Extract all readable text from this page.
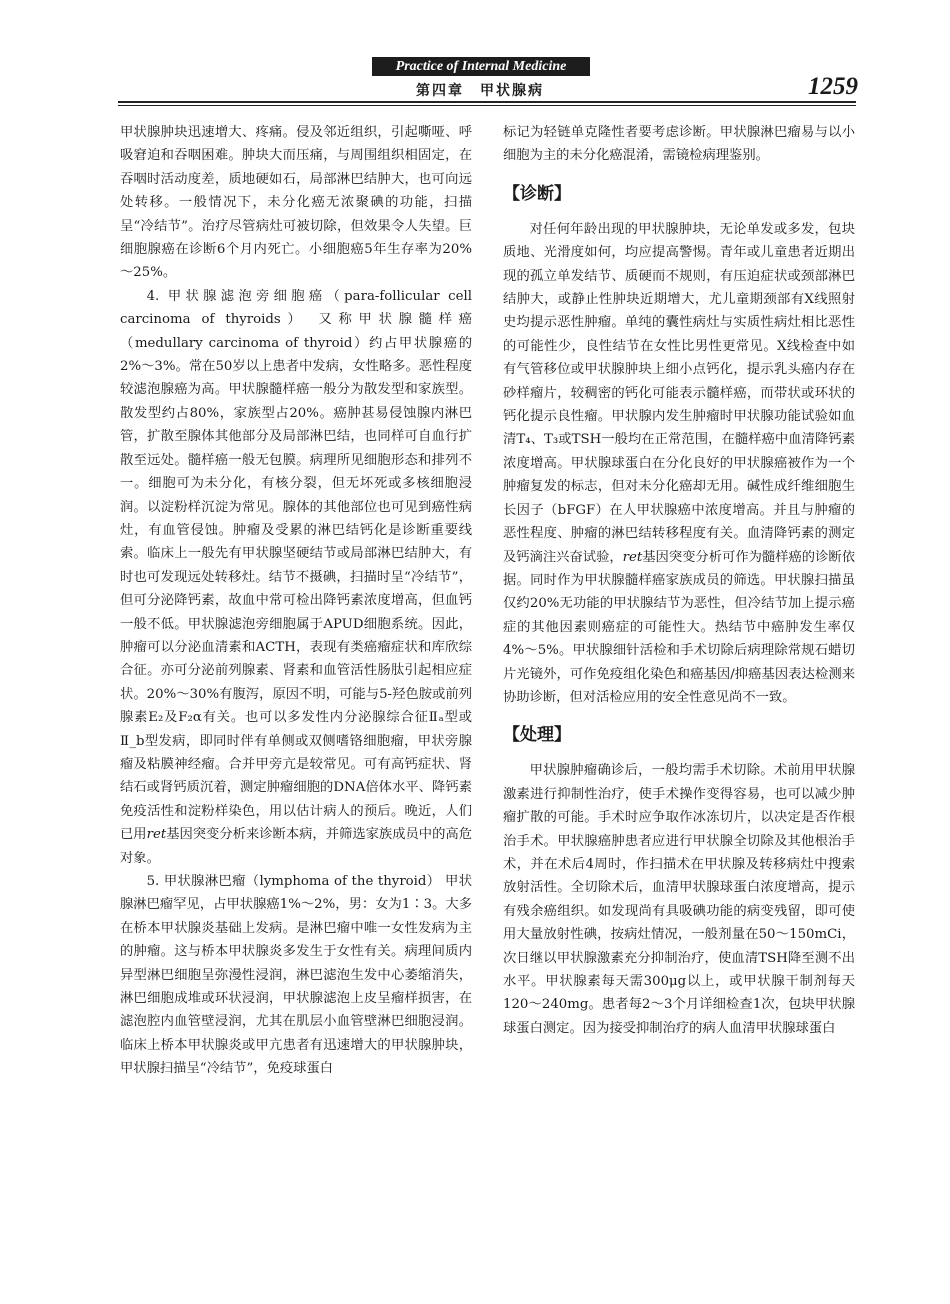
Practice of Internal Medicine
第四章　甲状腺病	1259

甲状腺肿块迅速增大、疼痛。侵及邻近组织，引起嘶哑、呼吸窘迫和吞咽困难。肿块大而压痛，与周围组织相固定，在吞咽时活动度差，质地硬如石，局部淋巴结肿大，也可向远处转移。一般情况下，未分化癌无浓聚碘的功能，扫描呈“冷结节”。治疗尽管病灶可被切除，但效果令人失望。巨细胞腺癌在诊断6个月内死亡。小细胞癌5年生存率为20%～25%。

4. 甲状腺滤泡旁细胞癌（para-follicular cell carcinoma of thyroids） 又称甲状腺髓样癌（medullary carcinoma of thyroid）约占甲状腺癌的2%～3%。常在50岁以上患者中发病，女性略多。恶性程度较滤泡腺癌为高。甲状腺髓样癌一般分为散发型和家族型。散发型约占80%，家族型占20%。癌肿甚易侵蚀腺内淋巴管，扩散至腺体其他部分及局部淋巴结，也同样可自血行扩散至远处。髓样癌一般无包膜。病理所见细胞形态和排列不一。细胞可为未分化，有核分裂，但无坏死或多核细胞浸润。以淀粉样沉淀为常见。腺体的其他部位也可见到癌性病灶，有血管侵蚀。肿瘤及受累的淋巴结钙化是诊断重要线索。临床上一般先有甲状腺坚硬结节或局部淋巴结肿大，有时也可发现远处转移灶。结节不摄碘，扫描时呈“冷结节”，但可分泌降钙素，故血中常可检出降钙素浓度增高，但血钙一般不低。甲状腺滤泡旁细胞属于APUD细胞系统。因此，肿瘤可以分泌血清素和ACTH，表现有类癌瘤症状和库欣综合征。亦可分泌前列腺素、肾素和血管活性肠肽引起相应症状。20%～30%有腹泻，原因不明，可能与5-羟色胺或前列腺素E₂及F₂α有关。也可以多发性内分泌腺综合征Ⅱₐ型或Ⅱ_b型发病，即同时伴有单侧或双侧嗜铬细胞瘤，甲状旁腺瘤及粘膜神经瘤。合并甲旁亢是较常见。可有高钙症状、肾结石或肾钙质沉着，测定肿瘤细胞的DNA倍体水平、降钙素免疫活性和淀粉样染色，用以估计病人的预后。晚近，人们已用ret基因突变分析来诊断本病，并筛选家族成员中的高危对象。

5. 甲状腺淋巴瘤（lymphoma of the thyroid） 甲状腺淋巴瘤罕见，占甲状腺癌1%～2%，男：女为1∶3。大多在桥本甲状腺炎基础上发病。是淋巴瘤中唯一女性发病为主的肿瘤。这与桥本甲状腺炎多发生于女性有关。病理间质内异型淋巴细胞呈弥漫性浸润，淋巴滤泡生发中心萎缩消失，淋巴细胞成堆或环状浸润，甲状腺滤泡上皮呈瘤样损害，在滤泡腔内血管壁浸润，尤其在肌层小血管壁淋巴细胞浸润。临床上桥本甲状腺炎或甲亢患者有迅速增大的甲状腺肿块，甲状腺扫描呈“冷结节”，免疫球蛋白

标记为轻链单克隆性者要考虑诊断。甲状腺淋巴瘤易与以小细胞为主的未分化癌混淆，需镜检病理鉴别。

【诊断】

对任何年龄出现的甲状腺肿块，无论单发或多发，包块质地、光滑度如何，均应提高警惕。青年或儿童患者近期出现的孤立单发结节、质硬而不规则，有压迫症状或颈部淋巴结肿大，或静止性肿块近期增大，尤儿童期颈部有X线照射史均提示恶性肿瘤。单纯的囊性病灶与实质性病灶相比恶性的可能性少，良性结节在女性比男性更常见。X线检查中如有气管移位或甲状腺肿块上细小点钙化，提示乳头癌内存在砂样瘤片，较稠密的钙化可能表示髓样癌，而带状或环状的钙化提示良性瘤。甲状腺内发生肿瘤时甲状腺功能试验如血清T₄、T₃或TSH一般均在正常范围，在髓样癌中血清降钙素浓度增高。甲状腺球蛋白在分化良好的甲状腺癌被作为一个肿瘤复发的标志，但对未分化癌却无用。碱性成纤维细胞生长因子（bFGF）在人甲状腺癌中浓度增高。并且与肿瘤的恶性程度、肿瘤的淋巴结转移程度有关。血清降钙素的测定及钙滴注兴奋试验，ret基因突变分析可作为髓样癌的诊断依据。同时作为甲状腺髓样癌家族成员的筛选。甲状腺扫描虽仅约20%无功能的甲状腺结节为恶性，但冷结节加上提示癌症的其他因素则癌症的可能性大。热结节中癌肿发生率仅4%～5%。甲状腺细针活检和手术切除后病理除常规石蜡切片光镜外，可作免疫组化染色和癌基因/抑癌基因表达检测来协助诊断，但对活检应用的安全性意见尚不一致。

【处理】

甲状腺肿瘤确诊后，一般均需手术切除。术前用甲状腺激素进行抑制性治疗，使手术操作变得容易，也可以减少肿瘤扩散的可能。手术时应争取作冰冻切片，以决定是否作根治手术。甲状腺癌肿患者应进行甲状腺全切除及其他根治手术，并在术后4周时，作扫描术在甲状腺及转移病灶中搜索放射活性。全切除术后，血清甲状腺球蛋白浓度增高，提示有残余癌组织。如发现尚有具吸碘功能的病变残留，即可使用大量放射性碘，按病灶情况，一般剂量在50～150mCi，次日继以甲状腺激素充分抑制治疗，使血清TSH降至测不出水平。甲状腺素每天需300μg以上，或甲状腺干制剂每天120～240mg。患者每2～3个月详细检查1次，包块甲状腺球蛋白测定。因为接受抑制治疗的病人血清甲状腺球蛋白
